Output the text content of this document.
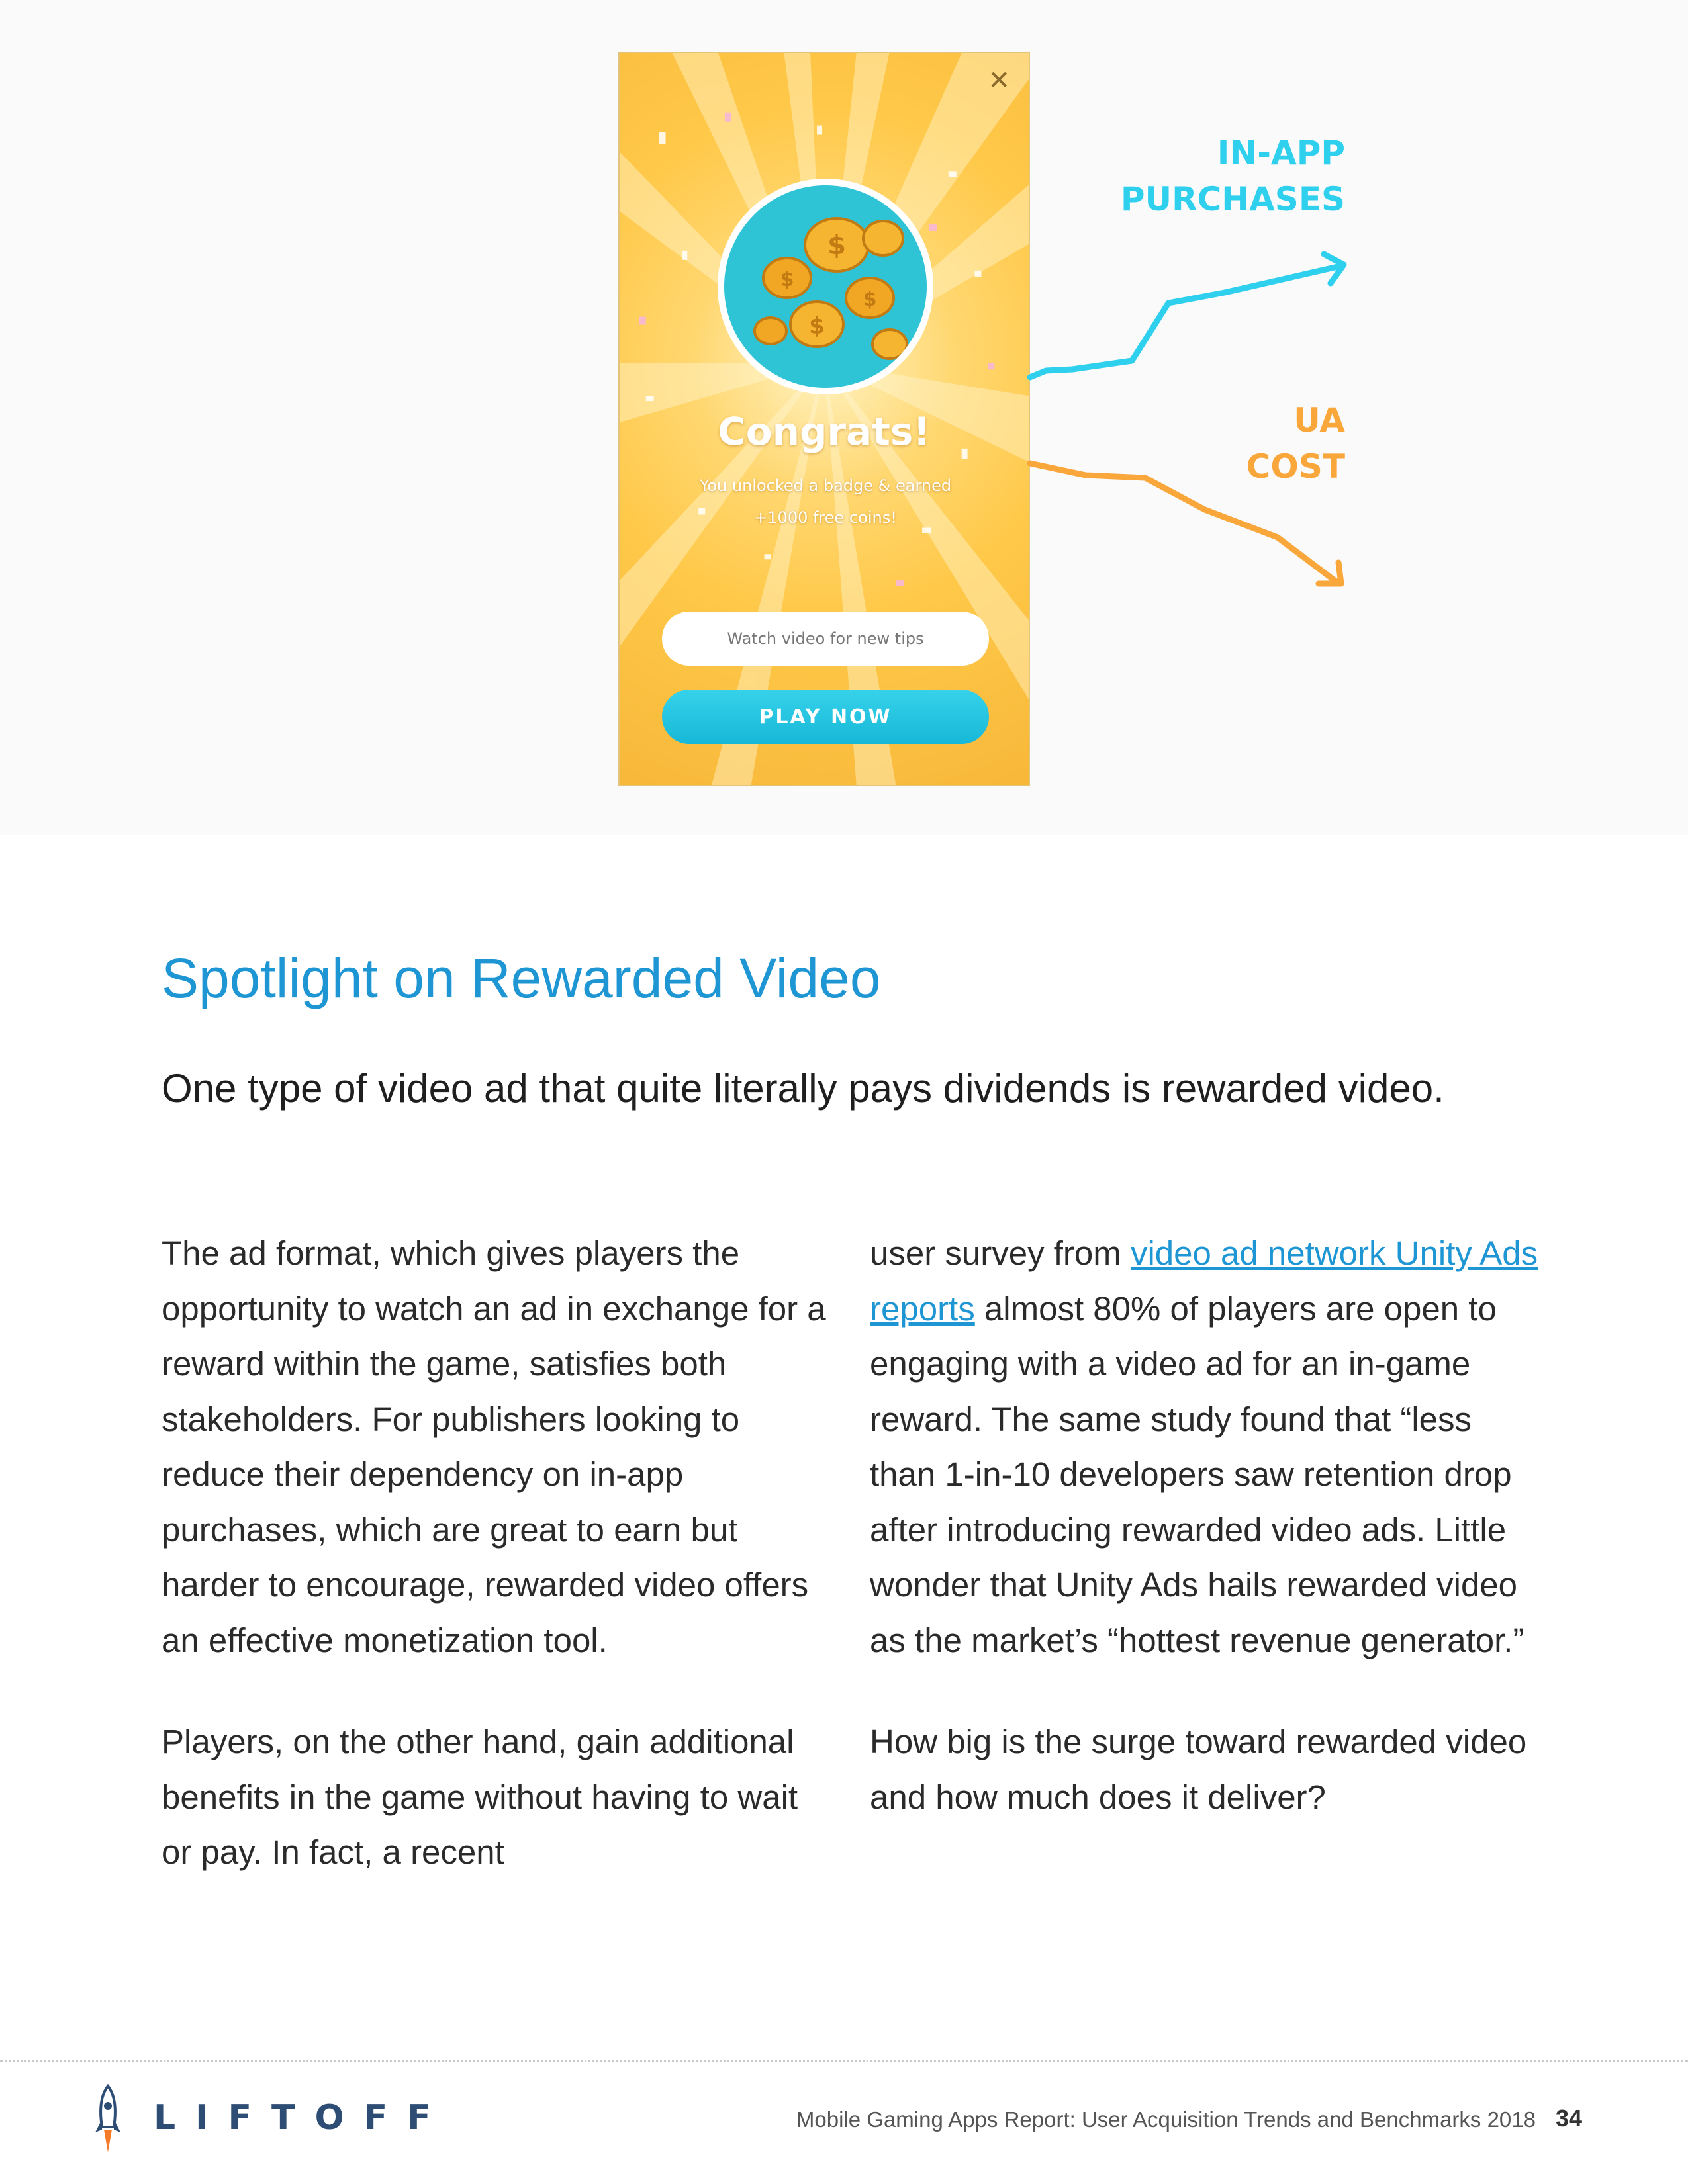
✕
$
$
$
$
Congrats!
You unlocked a badge & earned +1000 free coins!
Watch video for new tips
PLAY NOW
IN-APP
PURCHASES
UA
COST
Spotlight on Rewarded Video

One type of video ad that quite literally pays dividends is rewarded video.

The ad format, which gives players the opportunity to watch an ad in exchange for a reward within the game, satisfies both stakeholders. For publishers looking to reduce their dependency on in-app purchases, which are great to earn but harder to encourage, rewarded video offers an effective monetization tool.

Players, on the other hand, gain additional benefits in the game without having to wait or pay. In fact, a recent

user survey from video ad network Unity Ads reports almost 80% of players are open to engaging with a video ad for an in-game reward. The same study found that “less than 1-in-10 developers saw retention drop after introducing rewarded video ads. Little wonder that Unity Ads hails rewarded video as the market’s “hottest revenue generator.”

How big is the surge toward rewarded video and how much does it deliver?

LIFTOFF	Mobile Gaming Apps Report: User Acquisition Trends and Benchmarks 2018 34
